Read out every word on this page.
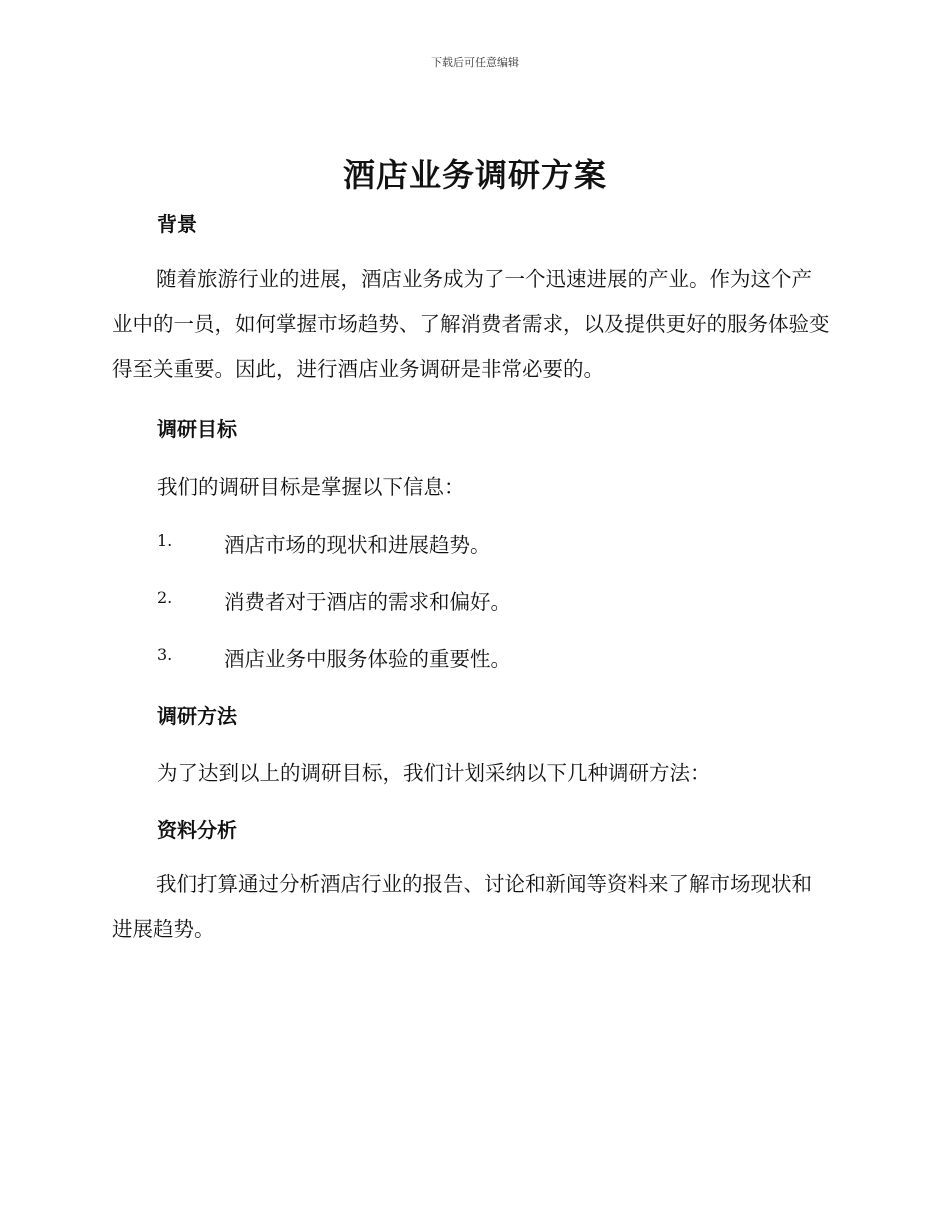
下载后可任意编辑
酒店业务调研方案
背景

随着旅游行业的进展，酒店业务成为了一个迅速进展的产业。作为这个产业中的一员，如何掌握市场趋势、了解消费者需求，以及提供更好的服务体验变得至关重要。因此，进行酒店业务调研是非常必要的。

调研目标

我们的调研目标是掌握以下信息：

1.	酒店市场的现状和进展趋势。
2.	消费者对于酒店的需求和偏好。
3.	酒店业务中服务体验的重要性。
调研方法

为了达到以上的调研目标，我们计划采纳以下几种调研方法：

资料分析

我们打算通过分析酒店行业的报告、讨论和新闻等资料来了解市场现状和进展趋势。
